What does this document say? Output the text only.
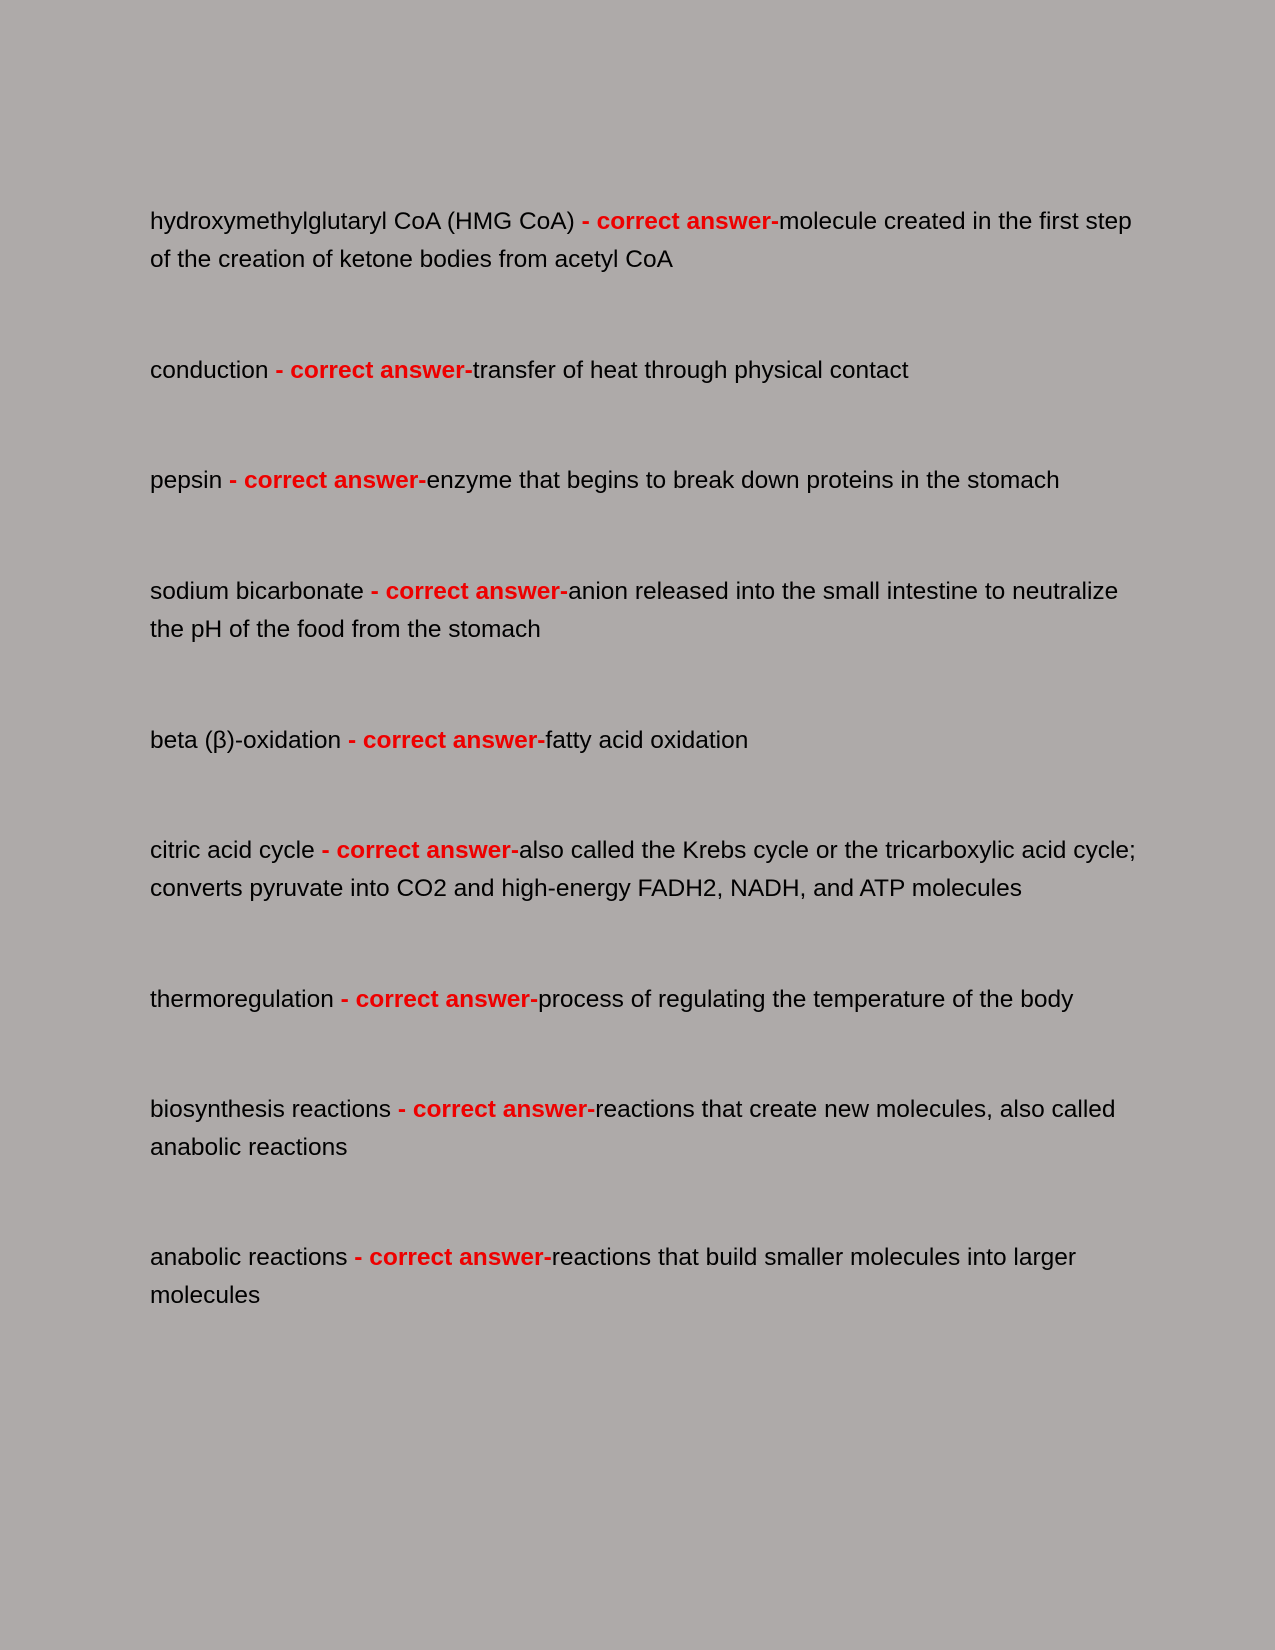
hydroxymethylglutaryl CoA (HMG CoA) - correct answer-molecule created in the first step of the creation of ketone bodies from acetyl CoA

conduction - correct answer-transfer of heat through physical contact

pepsin - correct answer-enzyme that begins to break down proteins in the stomach

sodium bicarbonate - correct answer-anion released into the small intestine to neutralize the pH of the food from the stomach

beta (β)-oxidation - correct answer-fatty acid oxidation

citric acid cycle - correct answer-also called the Krebs cycle or the tricarboxylic acid cycle; converts pyruvate into CO2 and high-energy FADH2, NADH, and ATP molecules

thermoregulation - correct answer-process of regulating the temperature of the body

biosynthesis reactions - correct answer-reactions that create new molecules, also called anabolic reactions

anabolic reactions - correct answer-reactions that build smaller molecules into larger molecules
